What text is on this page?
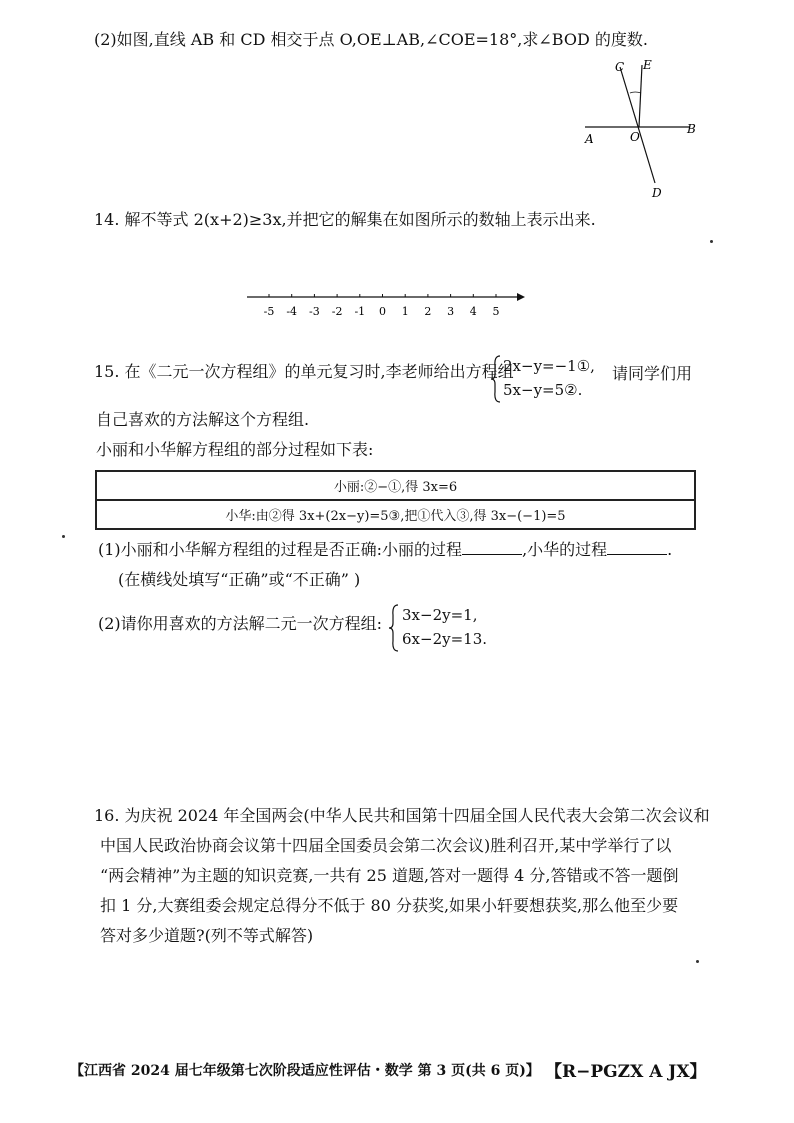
(2)如图,直线 AB 和 CD 相交于点 O,OE⊥AB,∠COE=18°,求∠BOD 的度数.
C E
A	O
B
D
14. 解不等式 2(x+2)≥3x,并把它的解集在如图所示的数轴上表示出来.
-5 -4 -3 -2 -1 0 1 2 3 4 5
15. 在《二元一次方程组》的单元复习时,李老师给出方程组
2x−y=−1①,
5x−y=5②.
请同学们用
自己喜欢的方法解这个方程组.
小丽和小华解方程组的部分过程如下表:
小丽:②−①,得 3x=6
小华:由②得 3x+(2x−y)=5③,把①代入③,得 3x−(−1)=5
(1)小丽和小华解方程组的过程是否正确:小丽的过程	,小华的过程	.
(在横线处填写“正确”或“不正确” )
(2)请你用喜欢的方法解二元一次方程组: 3x−2y=1,
6x−2y=13.
16. 为庆祝 2024 年全国两会(中华人民共和国第十四届全国人民代表大会第二次会议和
中国人民政治协商会议第十四届全国委员会第二次会议)胜利召开,某中学举行了以
“两会精神”为主题的知识竞赛,一共有 25 道题,答对一题得 4 分,答错或不答一题倒
扣 1 分,大赛组委会规定总得分不低于 80 分获奖,如果小轩要想获奖,那么他至少要
答对多少道题?(列不等式解答)
【江西省 2024 届七年级第七次阶段适应性评估・数学 第 3 页(共 6 页)】 【R−PGZX A JX】
